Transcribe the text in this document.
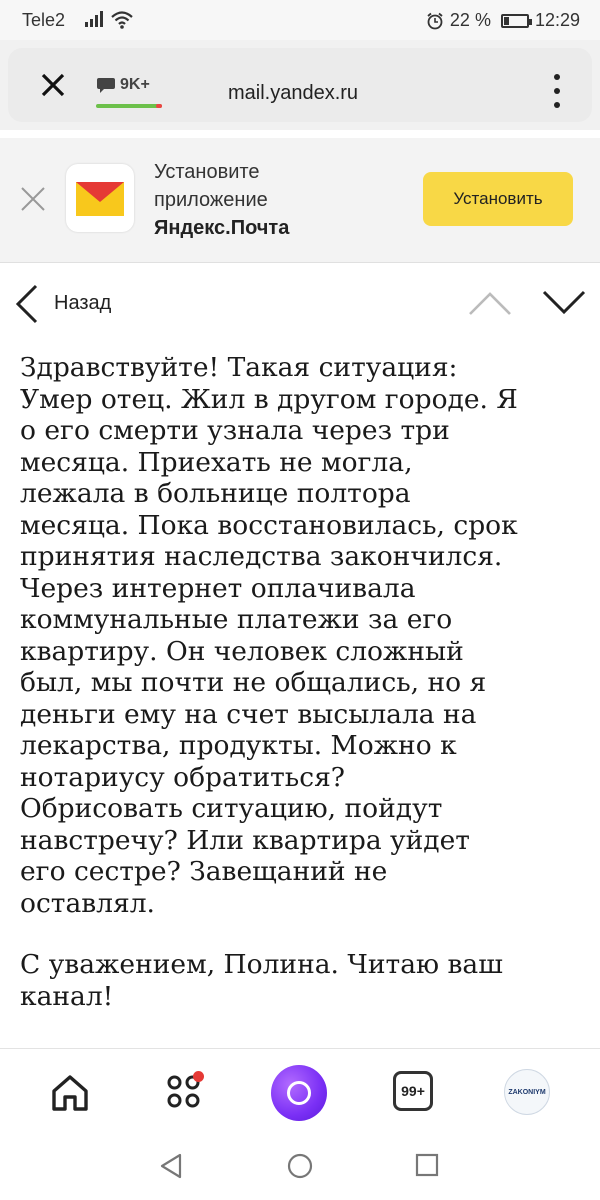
Tele2	22 % 12:29
9K+	mail.yandex.ru
Установите
приложение
Яндекс.Почта
Установить
Назад

Здравствуйте! Такая ситуация:
Умер отец. Жил в другом городе. Я
о его смерти узнала через три
месяца. Приехать не могла,
лежала в больнице полтора
месяца. Пока восстановилась, срок
принятия наследства закончился.
Через интернет оплачивала
коммунальные платежи за его
квартиру. Он человек сложный
был, мы почти не общались, но я
деньги ему на счет высылала на
лекарства, продукты. Можно к
нотариусу обратиться?
Обрисовать ситуацию, пойдут
навстречу? Или квартира уйдет
его сестре? Завещаний не
оставлял.

С уважением, Полина. Читаю ваш
канал!

99+	ZAKONIYM
